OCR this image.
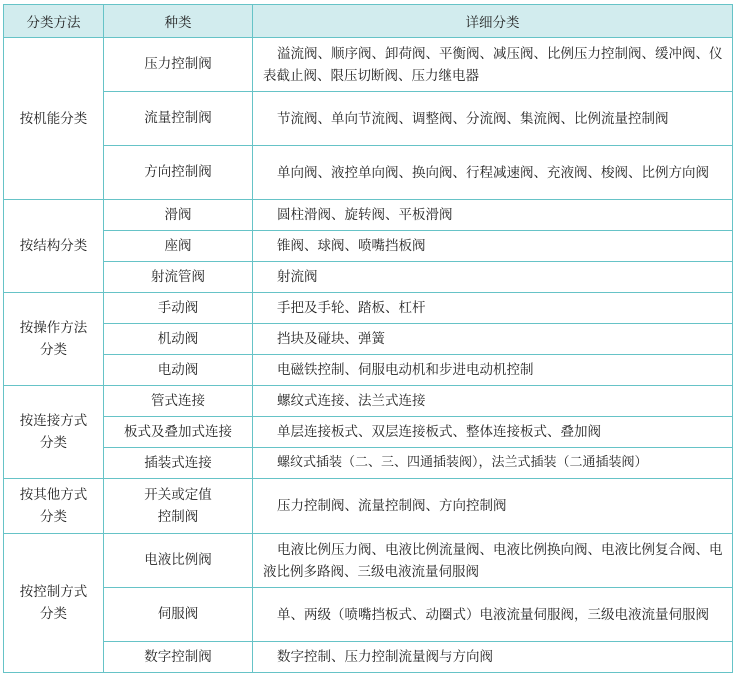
分类方法	种类	详细分类
按机能分类	压力控制阀	溢流阀、顺序阀、卸荷阀、平衡阀、减压阀、比例压力控制阀、缓冲阀、仪表截止阀、限压切断阀、压力继电器
	流量控制阀	节流阀、单向节流阀、调整阀、分流阀、集流阀、比例流量控制阀
	方向控制阀	单向阀、液控单向阀、换向阀、行程减速阀、充液阀、梭阀、比例方向阀
按结构分类	滑阀	圆柱滑阀、旋转阀、平板滑阀
	座阀	锥阀、球阀、喷嘴挡板阀
	射流管阀	射流阀
按操作方法分类	手动阀	手把及手轮、踏板、杠杆
	机动阀	挡块及碰块、弹簧
	电动阀	电磁铁控制、伺服电动机和步进电动机控制
按连接方式分类	管式连接	螺纹式连接、法兰式连接
	板式及叠加式连接	单层连接板式、双层连接板式、整体连接板式、叠加阀
	插装式连接	螺纹式插装（二、三、四通插装阀），法兰式插装（二通插装阀）
按其他方式分类	开关或定值控制阀	压力控制阀、流量控制阀、方向控制阀
按控制方式分类	电液比例阀	电液比例压力阀、电液比例流量阀、电液比例换向阀、电液比例复合阀、电液比例多路阀、三级电液流量伺服阀
	伺服阀	单、两级（喷嘴挡板式、动圈式）电液流量伺服阀，三级电液流量伺服阀
	数字控制阀	数字控制、压力控制流量阀与方向阀
